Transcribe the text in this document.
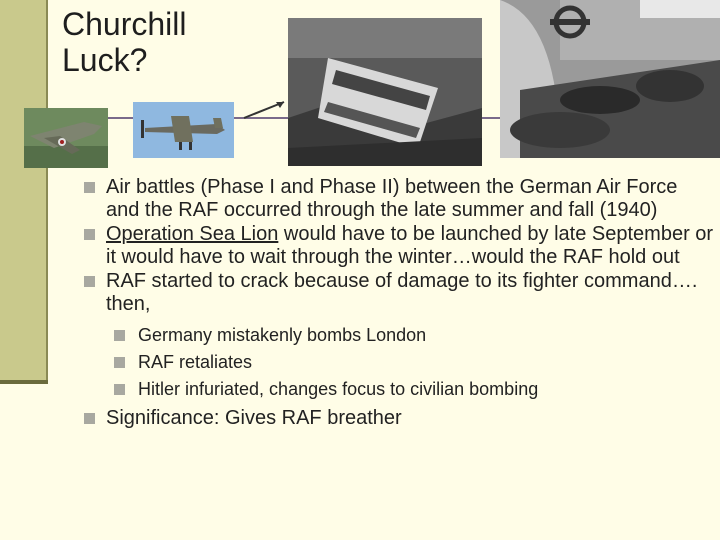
Churchill
Luck?
Air battles (Phase I and Phase II) between the German Air Force and the RAF occurred through the late summer and fall (1940)
Operation Sea Lion would have to be launched by late September or it would have to wait through the winter…would the RAF hold out
RAF started to crack because of damage to its fighter command…. then,
Germany mistakenly bombs London
RAF retaliates
Hitler infuriated, changes focus to civilian bombing
Significance: Gives RAF breather
